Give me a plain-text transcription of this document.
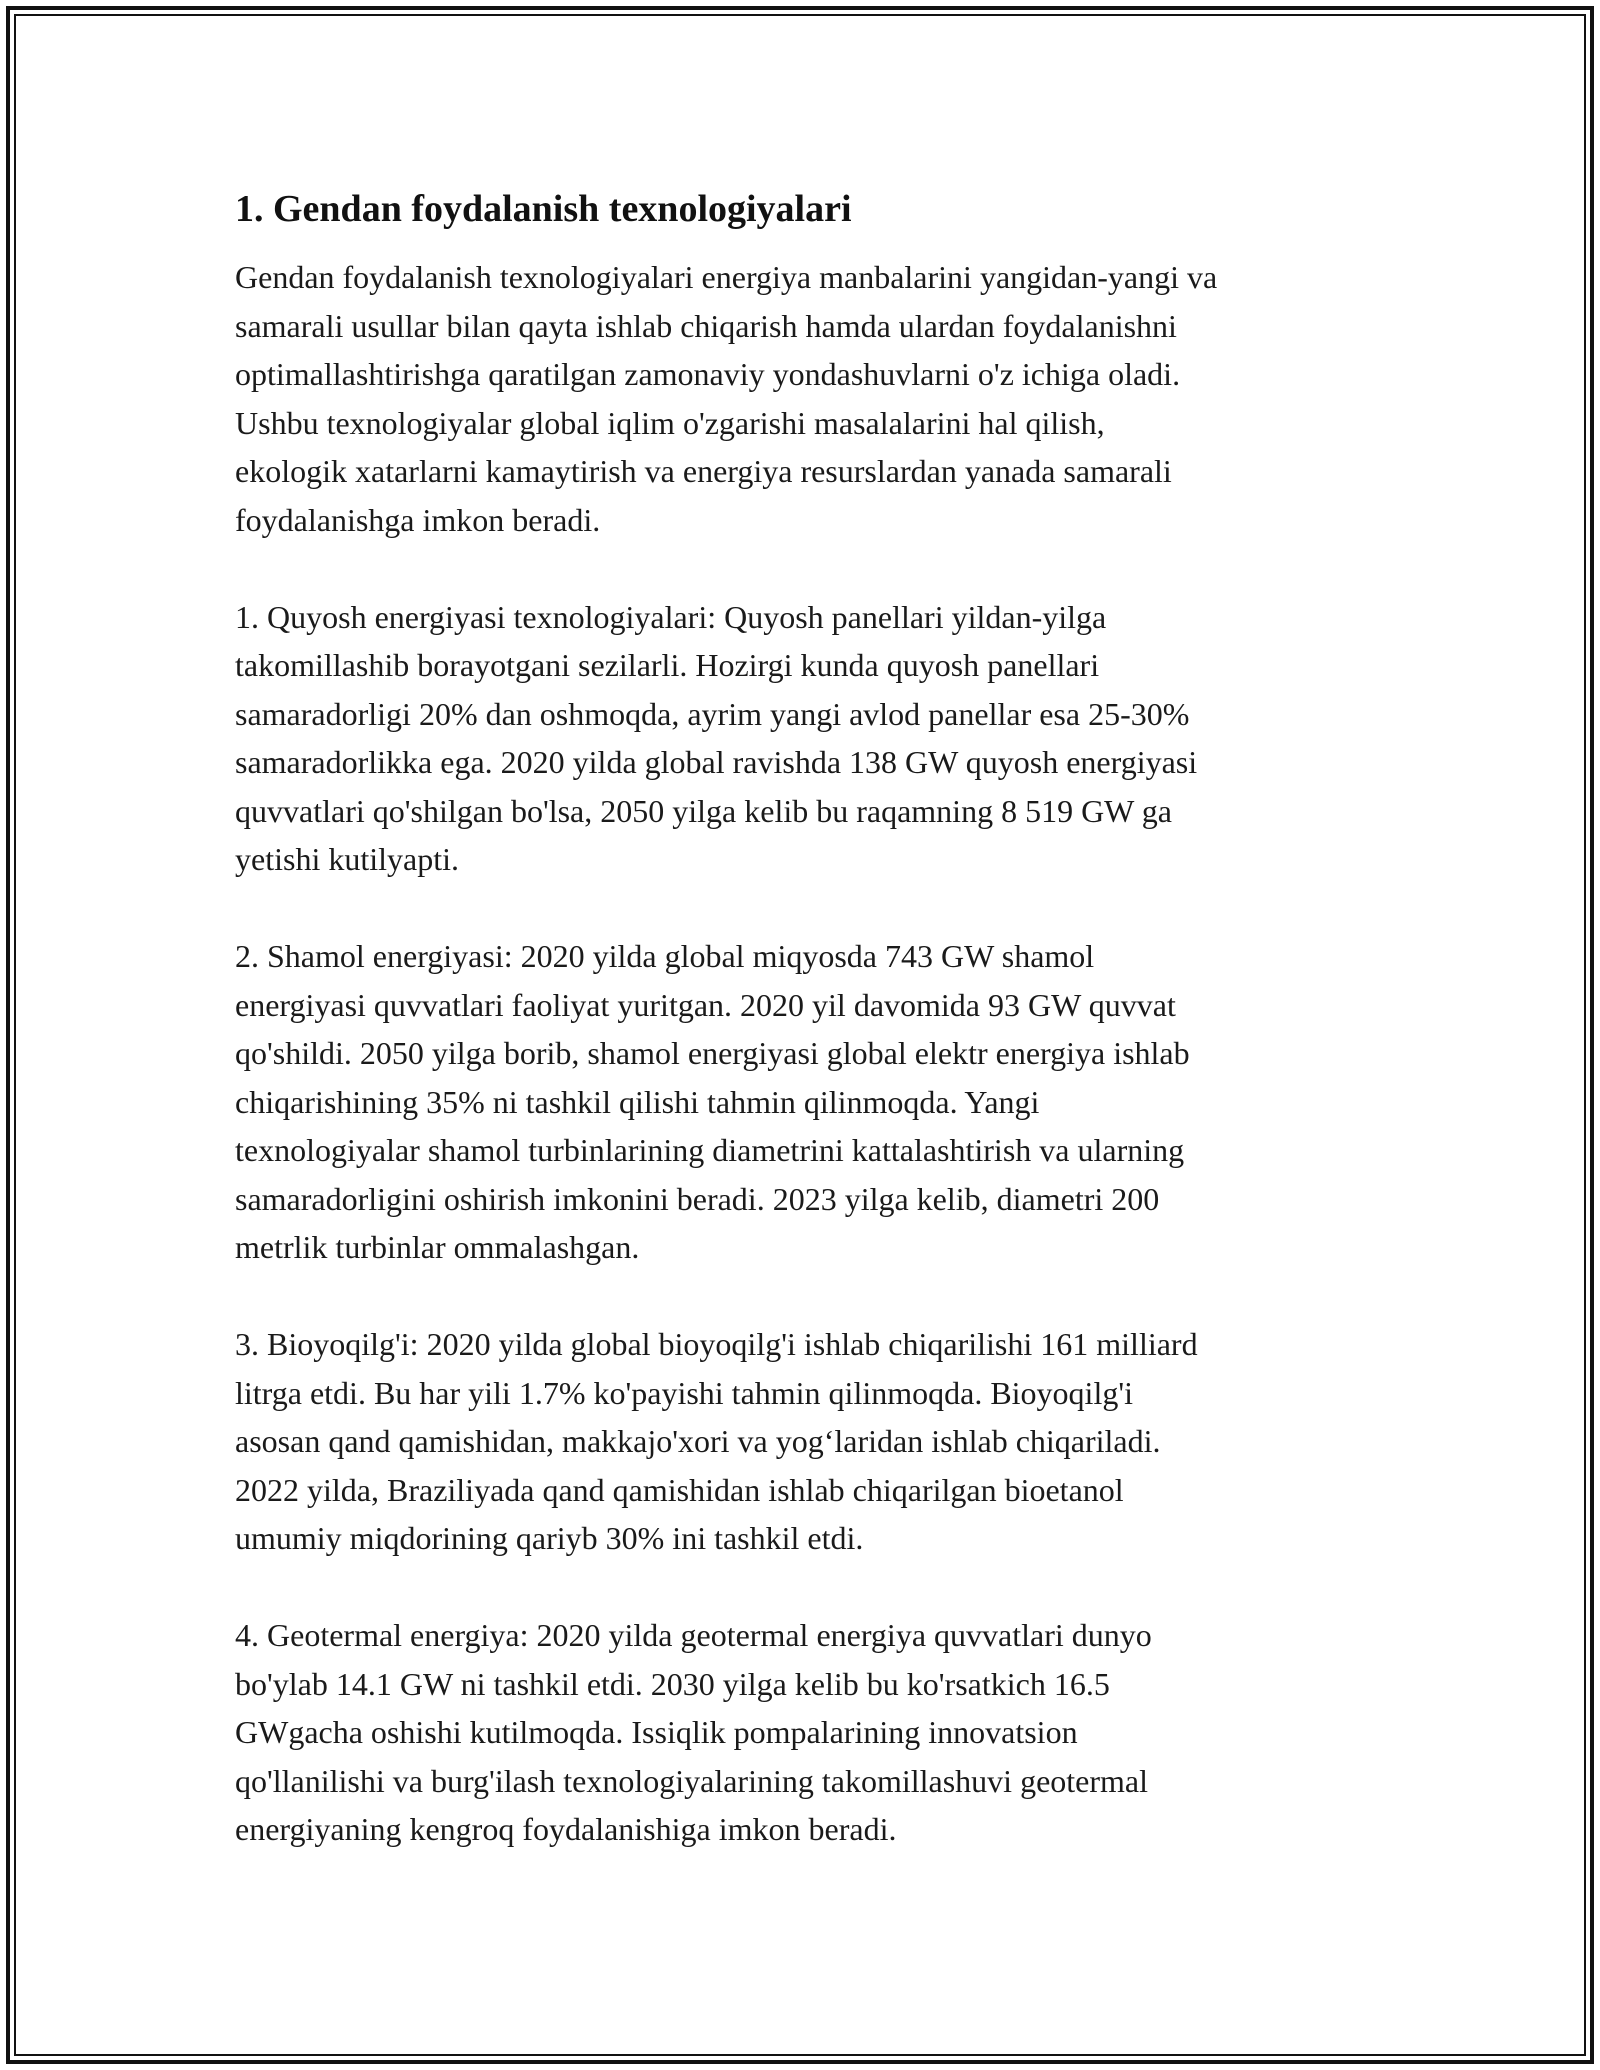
1. Gendan foydalanish texnologiyalari

Gendan foydalanish texnologiyalari energiya manbalarini yangidan-yangi va
samarali usullar bilan qayta ishlab chiqarish hamda ulardan foydalanishni
optimallashtirishga qaratilgan zamonaviy yondashuvlarni o'z ichiga oladi.
Ushbu texnologiyalar global iqlim o'zgarishi masalalarini hal qilish,
ekologik xatarlarni kamaytirish va energiya resurslardan yanada samarali
foydalanishga imkon beradi.

1. Quyosh energiyasi texnologiyalari: Quyosh panellari yildan-yilga
takomillashib borayotgani sezilarli. Hozirgi kunda quyosh panellari
samaradorligi 20% dan oshmoqda, ayrim yangi avlod panellar esa 25-30%
samaradorlikka ega. 2020 yilda global ravishda 138 GW quyosh energiyasi
quvvatlari qo'shilgan bo'lsa, 2050 yilga kelib bu raqamning 8 519 GW ga
yetishi kutilyapti.

2. Shamol energiyasi: 2020 yilda global miqyosda 743 GW shamol
energiyasi quvvatlari faoliyat yuritgan. 2020 yil davomida 93 GW quvvat
qo'shildi. 2050 yilga borib, shamol energiyasi global elektr energiya ishlab
chiqarishining 35% ni tashkil qilishi tahmin qilinmoqda. Yangi
texnologiyalar shamol turbinlarining diametrini kattalashtirish va ularning
samaradorligini oshirish imkonini beradi. 2023 yilga kelib, diametri 200
metrlik turbinlar ommalashgan.

3. Bioyoqilg'i: 2020 yilda global bioyoqilg'i ishlab chiqarilishi 161 milliard
litrga etdi. Bu har yili 1.7% ko'payishi tahmin qilinmoqda. Bioyoqilg'i
asosan qand qamishidan, makkajo'xori va yog‘laridan ishlab chiqariladi.
2022 yilda, Braziliyada qand qamishidan ishlab chiqarilgan bioetanol
umumiy miqdorining qariyb 30% ini tashkil etdi.

4. Geotermal energiya: 2020 yilda geotermal energiya quvvatlari dunyo
bo'ylab 14.1 GW ni tashkil etdi. 2030 yilga kelib bu ko'rsatkich 16.5
GWgacha oshishi kutilmoqda. Issiqlik pompalarining innovatsion
qo'llanilishi va burg'ilash texnologiyalarining takomillashuvi geotermal
energiyaning kengroq foydalanishiga imkon beradi.
